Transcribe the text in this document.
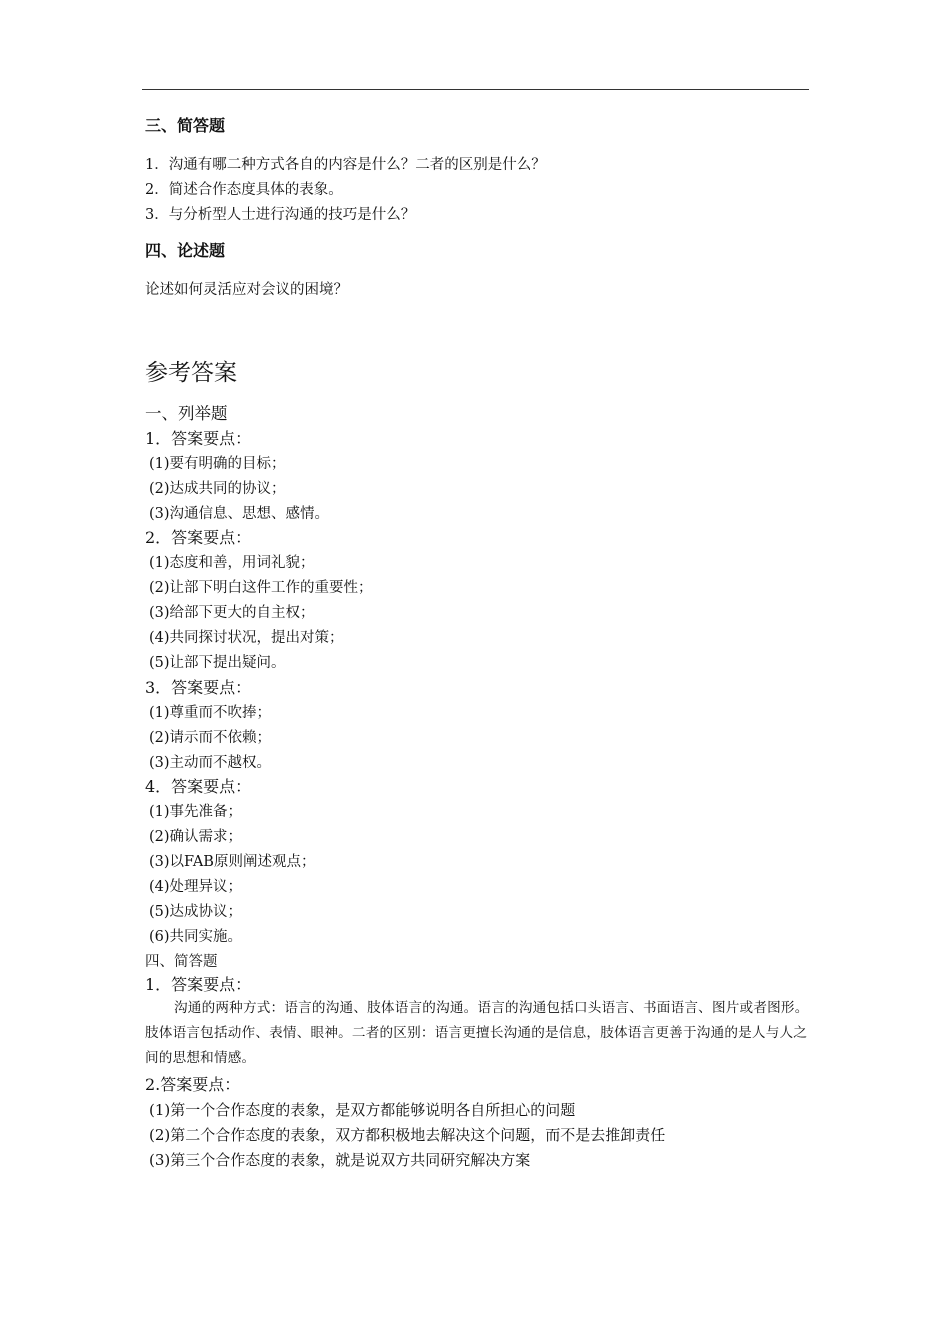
三、简答题
1．沟通有哪二种方式各自的内容是什么？二者的区别是什么？
2．简述合作态度具体的表象。
3．与分析型人士进行沟通的技巧是什么？
四、论述题
论述如何灵活应对会议的困境？
参考答案
一、列举题
1．答案要点：
(1)要有明确的目标；
(2)达成共同的协议；
(3)沟通信息、思想、感情。
2．答案要点：
(1)态度和善，用词礼貌；
(2)让部下明白这件工作的重要性；
(3)给部下更大的自主权；
(4)共同探讨状况，提出对策；
(5)让部下提出疑问。
3．答案要点：
(1)尊重而不吹捧；
(2)请示而不依赖；
(3)主动而不越权。
4．答案要点：
(1)事先准备；
(2)确认需求；
(3)以FAB原则阐述观点；
(4)处理异议；
(5)达成协议；
(6)共同实施。
四、简答题
1．答案要点：
沟通的两种方式：语言的沟通、肢体语言的沟通。语言的沟通包括口头语言、书面语言、图片或者图形。肢体语言包括动作、表情、眼神。二者的区别：语言更擅长沟通的是信息，肢体语言更善于沟通的是人与人之间的思想和情感。
2.答案要点：
(1)第一个合作态度的表象，是双方都能够说明各自所担心的问题
(2)第二个合作态度的表象，双方都积极地去解决这个问题，而不是去推卸责任
(3)第三个合作态度的表象，就是说双方共同研究解决方案
